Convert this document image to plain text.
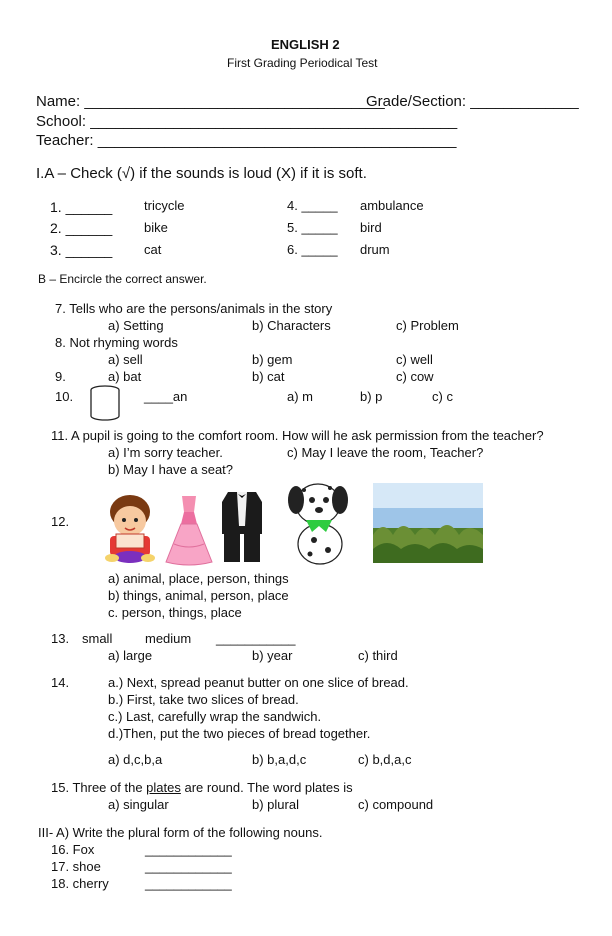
ENGLISH 2
First Grading Periodical Test
Name: ____________________________________
Grade/Section: _____________
School: ____________________________________________
Teacher: ___________________________________________
I.A – Check (√) if the sounds is loud (X) if it is soft.
1. ______ tricycle
2. ______ bike
3. ______ cat
4. _____ ambulance
5. _____ bird
6. _____ drum
B – Encircle the correct answer.
7. Tells who are the persons/animals in the story
a) Setting	b) Characters	c) Problem
8. Not rhyming words
a) sell	b) gem	c) well
9.	a) bat	b) cat	c) cow
10.	____an	a) m	b) p	c) c
11. A pupil is going to the comfort room. How will he ask permission from the teacher?
a) I’m sorry teacher.	c) May I leave the room, Teacher?
b) May I have a seat?
12.
a) animal, place, person, things
b) things, animal, person, place
c. person, things, place
13. small	medium ___________
a) large	b) year	c) third
14.	a.) Next, spread peanut butter on one slice of bread.
b.) First, take two slices of bread.
c.) Last, carefully wrap the sandwich.
d.)Then, put the two pieces of bread together.
a) d,c,b,a	b) b,a,d,c	c) b,d,a,c
15. Three of the plates are round. The word plates is
a) singular	b) plural	c) compound
III- A) Write the plural form of the following nouns.
16. Fox	____________
17. shoe	____________
18. cherry	____________
